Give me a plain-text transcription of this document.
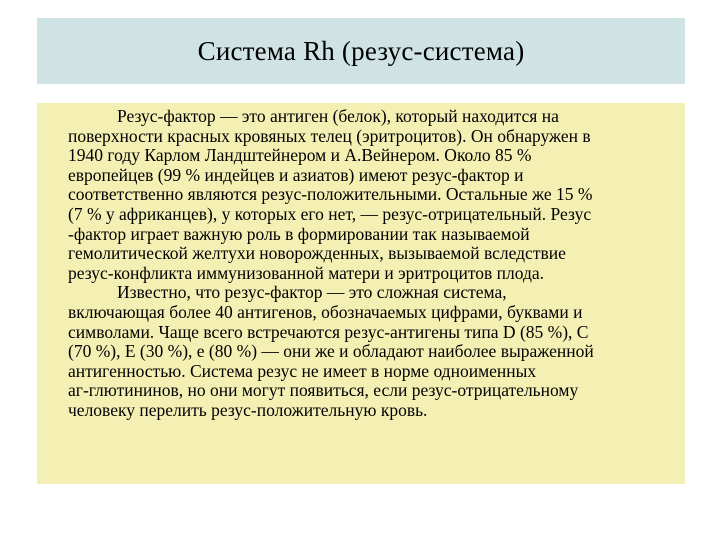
Система Rh (резус-система)
Резус-фактор — это антиген (белок), который находится на
поверхности красных кровяных телец (эритроцитов). Он обнаружен в
1940 году Карлом Ландштейнером и А.Вейнером. Около 85 %
европейцев (99 % индейцев и азиатов) имеют резус-фактор и
соответственно являются резус-положительными. Остальные же 15 %
(7 % у африканцев), у которых его нет, — резус-отрицательный. Резус
-фактор играет важную роль в формировании так называемой
гемолитической желтухи новорожденных, вызываемой вследствие
резус-конфликта иммунизованной матери и эритроцитов плода.
Известно, что резус-фактор — это сложная система,
включающая более 40 антигенов, обозначаемых цифрами, буквами и
символами. Чаще всего встречаются резус-антигены типа D (85 %), C
(70 %), E (30 %), е (80 %) — они же и обладают наиболее выраженной
антигенностью. Система резус не имеет в норме одноименных
аг-глютининов, но они могут появиться, если резус-отрицательному
человеку перелить резус-положительную кровь.
